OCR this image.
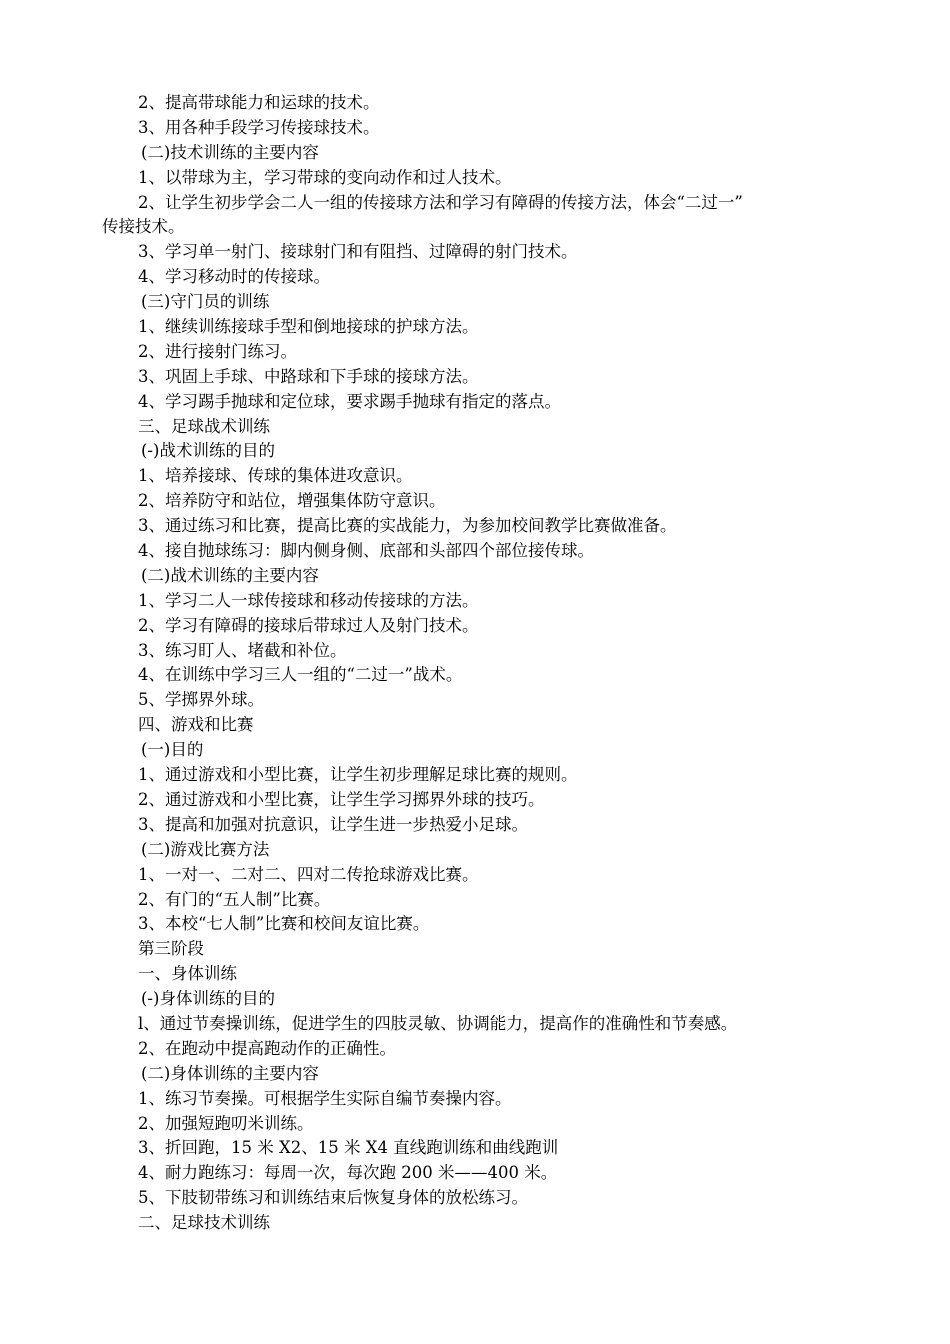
2、提高带球能力和运球的技术。
3、用各种手段学习传接球技术。
(二)技术训练的主要内容
1、以带球为主，学习带球的变向动作和过人技术。
2、让学生初步学会二人一组的传接球方法和学习有障碍的传接方法，体会“二过一”
传接技术。
3、学习单一射门、接球射门和有阻挡、过障碍的射门技术。
4、学习移动时的传接球。
(三)守门员的训练
1、继续训练接球手型和倒地接球的护球方法。
2、进行接射门练习。
3、巩固上手球、中路球和下手球的接球方法。
4、学习踢手抛球和定位球，要求踢手抛球有指定的落点。
三、足球战术训练
(-)战术训练的目的
1、培养接球、传球的集体进攻意识。
2、培养防守和站位，增强集体防守意识。
3、通过练习和比赛，提高比赛的实战能力，为参加校间教学比赛做准备。
4、接自抛球练习：脚内侧身侧、底部和头部四个部位接传球。
(二)战术训练的主要内容
1、学习二人一球传接球和移动传接球的方法。
2、学习有障碍的接球后带球过人及射门技术。
3、练习盯人、堵截和补位。
4、在训练中学习三人一组的“二过一”战术。
5、学掷界外球。
四、游戏和比赛
(一)目的
1、通过游戏和小型比赛，让学生初步理解足球比赛的规则。
2、通过游戏和小型比赛，让学生学习掷界外球的技巧。
3、提高和加强对抗意识，让学生进一步热爱小足球。
(二)游戏比赛方法
1、一对一、二对二、四对二传抢球游戏比赛。
2、有门的“五人制”比赛。
3、本校“七人制”比赛和校间友谊比赛。
第三阶段
一、身体训练
(-)身体训练的目的
l、通过节奏操训练，促进学生的四肢灵敏、协调能力，提高作的准确性和节奏感。
2、在跑动中提高跑动作的正确性。
(二)身体训练的主要内容
1、练习节奏操。可根据学生实际自编节奏操内容。
2、加强短跑叨米训练。
3、折回跑，15 米 X2、15 米 X4 直线跑训练和曲线跑训
4、耐力跑练习：每周一次，每次跑 200 米——400 米。
5、下肢韧带练习和训练结束后恢复身体的放松练习。
二、足球技术训练
